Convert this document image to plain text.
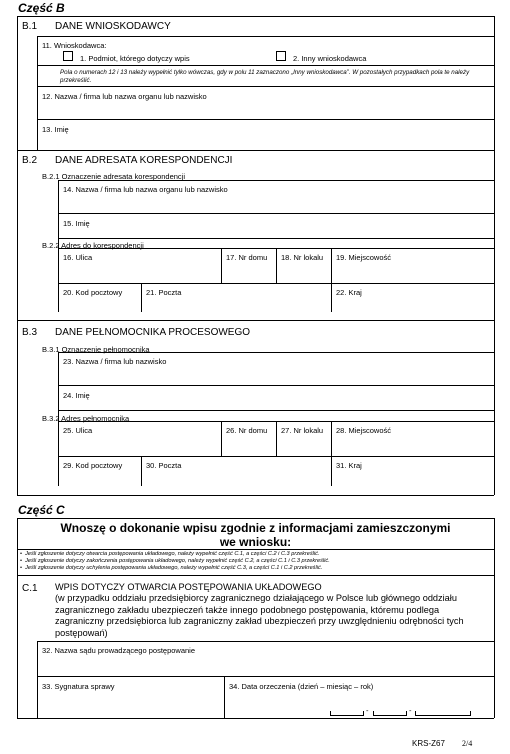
Część B
B.1 DANE WNIOSKODAWCY
11. Wnioskodawca:
1. Podmiot, którego dotyczy wpis	2. Inny wnioskodawca
Pola o numerach 12 i 13 należy wypełnić tylko wówczas, gdy w polu 11 zaznaczono „Inny wnioskodawca”. W pozostałych przypadkach pola te należy przekreślić.
12. Nazwa / firma lub nazwa organu lub nazwisko
13. Imię
B.2 DANE ADRESATA KORESPONDENCJI
B.2.1 Oznaczenie adresata korespondencji
14. Nazwa / firma lub nazwa organu lub nazwisko
15. Imię
B.2.2 Adres do korespondencji
16. Ulica	17. Nr domu 18. Nr lokalu 19. Miejscowość
20. Kod pocztowy	21. Poczta	22. Kraj
B.3 DANE PEŁNOMOCNIKA PROCESOWEGO
B.3.1 Oznaczenie pełnomocnika
23. Nazwa / firma lub nazwisko
24. Imię
B.3.2 Adres pełnomocnika
25. Ulica	26. Nr domu 27. Nr lokalu 28. Miejscowość
29. Kod pocztowy	30. Poczta	31. Kraj
Część C
Wnoszę o dokonanie wpisu zgodnie z informacjami zamieszczonymi
we wniosku:
•  Jeśli zgłoszenie dotyczy otwarcia postępowania układowego, należy wypełnić część C.1, a części C.2 i C.3 przekreślić.
•  Jeśli zgłoszenie dotyczy zakończenia postępowania układowego, należy wypełnić część C.2, a części C.1 i C.3 przekreślić.
•  Jeśli zgłoszenie dotyczy uchylenia postępowania układowego, należy wypełnić część C.3, a części C.1 i C.2 przekreślić.
C.1 WPIS DOTYCZY OTWARCIA POSTĘPOWANIA UKŁADOWEGO
(w przypadku oddziału przedsiębiorcy zagranicznego działającego w Polsce lub głównego oddziału
zagranicznego zakładu ubezpieczeń także innego podobnego postępowania, któremu podlega
zagraniczny przedsiębiorca lub zagraniczny zakład ubezpieczeń przy uwzględnieniu odrębności tych
postępowań)
32. Nazwa sądu prowadzącego postępowanie
33. Sygnatura sprawy	34. Data orzeczenia (dzień – miesiąc – rok)
-	-
KRS-Z67 2/4
